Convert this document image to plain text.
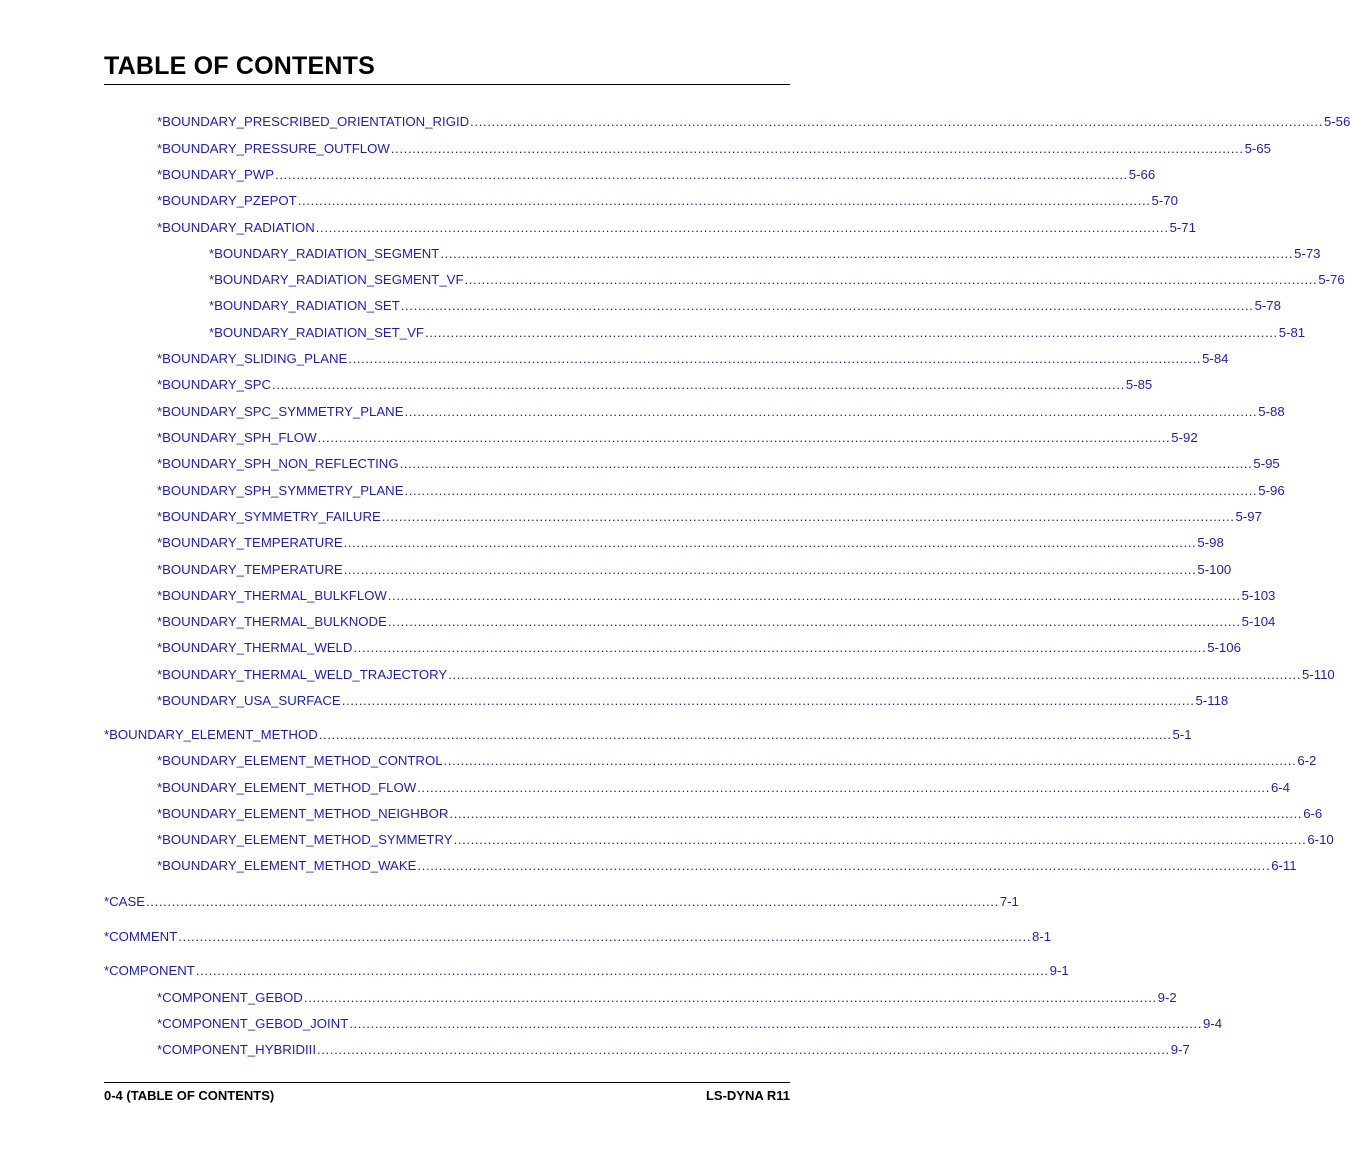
TABLE OF CONTENTS
*BOUNDARY_PRESCRIBED_ORIENTATION_RIGID ........................................................................................................................................................................................................ 5-56
*BOUNDARY_PRESSURE_OUTFLOW ........................................................................................................................................................................................................ 5-65
*BOUNDARY_PWP ........................................................................................................................................................................................................ 5-66
*BOUNDARY_PZEPOT ........................................................................................................................................................................................................ 5-70
*BOUNDARY_RADIATION ........................................................................................................................................................................................................ 5-71
*BOUNDARY_RADIATION_SEGMENT ........................................................................................................................................................................................................ 5-73
*BOUNDARY_RADIATION_SEGMENT_VF ........................................................................................................................................................................................................ 5-76
*BOUNDARY_RADIATION_SET ........................................................................................................................................................................................................ 5-78
*BOUNDARY_RADIATION_SET_VF ........................................................................................................................................................................................................ 5-81
*BOUNDARY_SLIDING_PLANE ........................................................................................................................................................................................................ 5-84
*BOUNDARY_SPC ........................................................................................................................................................................................................ 5-85
*BOUNDARY_SPC_SYMMETRY_PLANE ........................................................................................................................................................................................................ 5-88
*BOUNDARY_SPH_FLOW ........................................................................................................................................................................................................ 5-92
*BOUNDARY_SPH_NON_REFLECTING ........................................................................................................................................................................................................ 5-95
*BOUNDARY_SPH_SYMMETRY_PLANE ........................................................................................................................................................................................................ 5-96
*BOUNDARY_SYMMETRY_FAILURE ........................................................................................................................................................................................................ 5-97
*BOUNDARY_TEMPERATURE ........................................................................................................................................................................................................ 5-98
*BOUNDARY_TEMPERATURE ........................................................................................................................................................................................................ 5-100
*BOUNDARY_THERMAL_BULKFLOW ........................................................................................................................................................................................................ 5-103
*BOUNDARY_THERMAL_BULKNODE ........................................................................................................................................................................................................ 5-104
*BOUNDARY_THERMAL_WELD ........................................................................................................................................................................................................ 5-106
*BOUNDARY_THERMAL_WELD_TRAJECTORY ........................................................................................................................................................................................................ 5-110
*BOUNDARY_USA_SURFACE ........................................................................................................................................................................................................ 5-118
*BOUNDARY_ELEMENT_METHOD ........................................................................................................................................................................................................ 5-1
*BOUNDARY_ELEMENT_METHOD_CONTROL ........................................................................................................................................................................................................ 6-2
*BOUNDARY_ELEMENT_METHOD_FLOW ........................................................................................................................................................................................................ 6-4
*BOUNDARY_ELEMENT_METHOD_NEIGHBOR ........................................................................................................................................................................................................ 6-6
*BOUNDARY_ELEMENT_METHOD_SYMMETRY ........................................................................................................................................................................................................ 6-10
*BOUNDARY_ELEMENT_METHOD_WAKE ........................................................................................................................................................................................................ 6-11
*CASE ........................................................................................................................................................................................................ 7-1
*COMMENT ........................................................................................................................................................................................................ 8-1
*COMPONENT ........................................................................................................................................................................................................ 9-1
*COMPONENT_GEBOD ........................................................................................................................................................................................................ 9-2
*COMPONENT_GEBOD_JOINT ........................................................................................................................................................................................................ 9-4
*COMPONENT_HYBRIDIII ........................................................................................................................................................................................................ 9-7
0-4 (TABLE OF CONTENTS)	LS-DYNA R11
